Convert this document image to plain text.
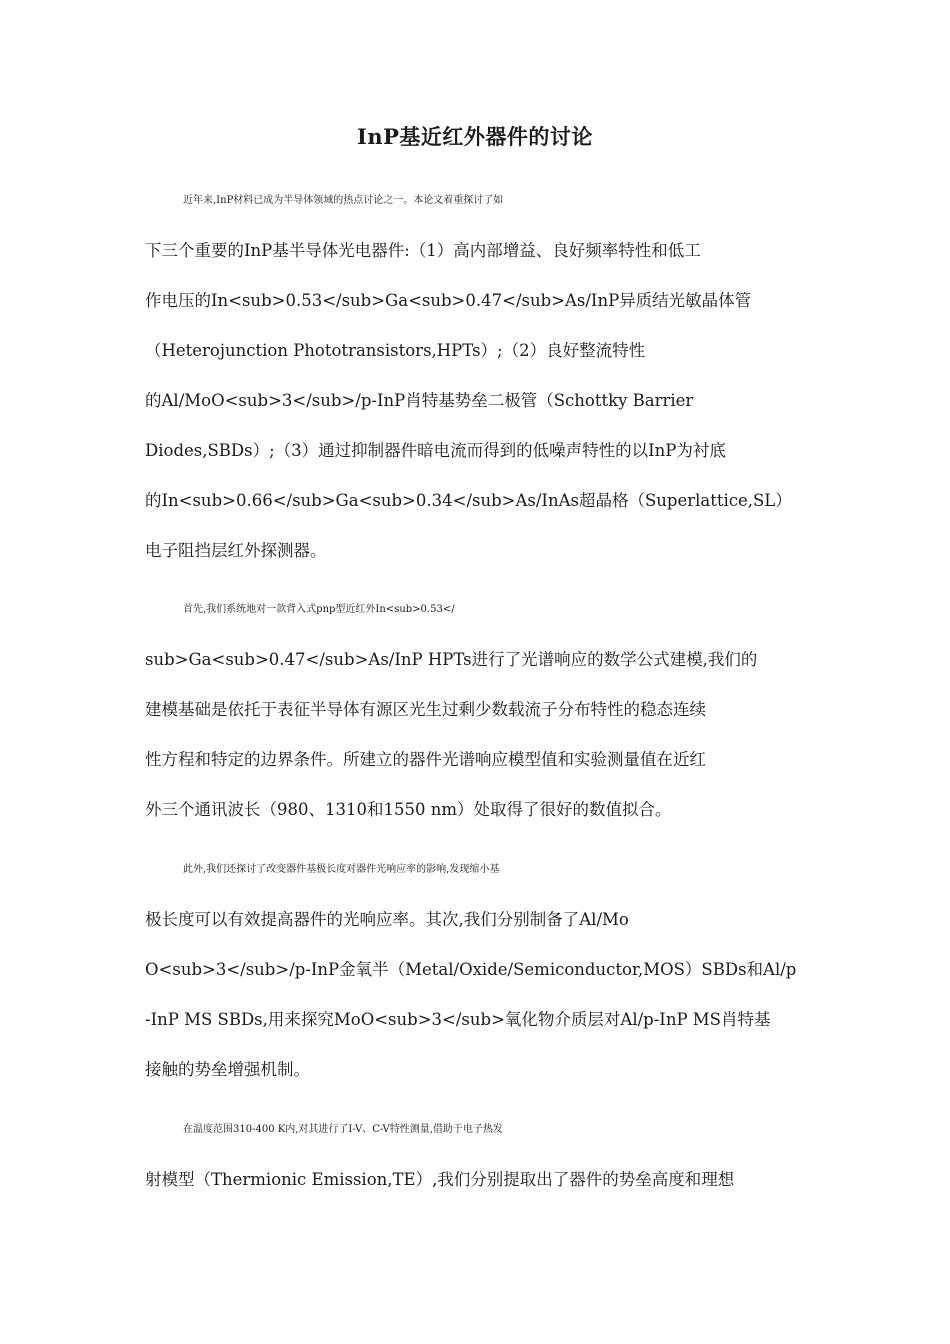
InP基近红外器件的讨论
近年来,InP材料已成为半导体领域的热点讨论之一。本论文着重探讨了如
下三个重要的InP基半导体光电器件:（1）高内部增益、良好频率特性和低工
作电压的In<sub>0.53</sub>Ga<sub>0.47</sub>As/InP异质结光敏晶体管
（Heterojunction Phototransistors,HPTs）;（2）良好整流特性
的Al/MoO<sub>3</sub>/p-InP肖特基势垒二极管（Schottky Barrier
Diodes,SBDs）;（3）通过抑制器件暗电流而得到的低噪声特性的以InP为衬底
的In<sub>0.66</sub>Ga<sub>0.34</sub>As/InAs超晶格（Superlattice,SL）
电子阻挡层红外探测器。
首先,我们系统地对一款背入式pnp型近红外In<sub>0.53</
sub>Ga<sub>0.47</sub>As/InP HPTs进行了光谱响应的数学公式建模,我们的
建模基础是依托于表征半导体有源区光生过剩少数载流子分布特性的稳态连续
性方程和特定的边界条件。所建立的器件光谱响应模型值和实验测量值在近红
外三个通讯波长（980、1310和1550 nm）处取得了很好的数值拟合。
此外,我们还探讨了改变器件基极长度对器件光响应率的影响,发现缩小基
极长度可以有效提高器件的光响应率。其次,我们分别制备了Al/Mo
O<sub>3</sub>/p-InP金氧半（Metal/Oxide/Semiconductor,MOS）SBDs和Al/p
-InP MS SBDs,用来探究MoO<sub>3</sub>氧化物介质层对Al/p-InP MS肖特基
接触的势垒增强机制。
在温度范围310-400 K内,对其进行了I-V、C-V特性测量,借助于电子热发
射模型（Thermionic Emission,TE）,我们分别提取出了器件的势垒高度和理想
